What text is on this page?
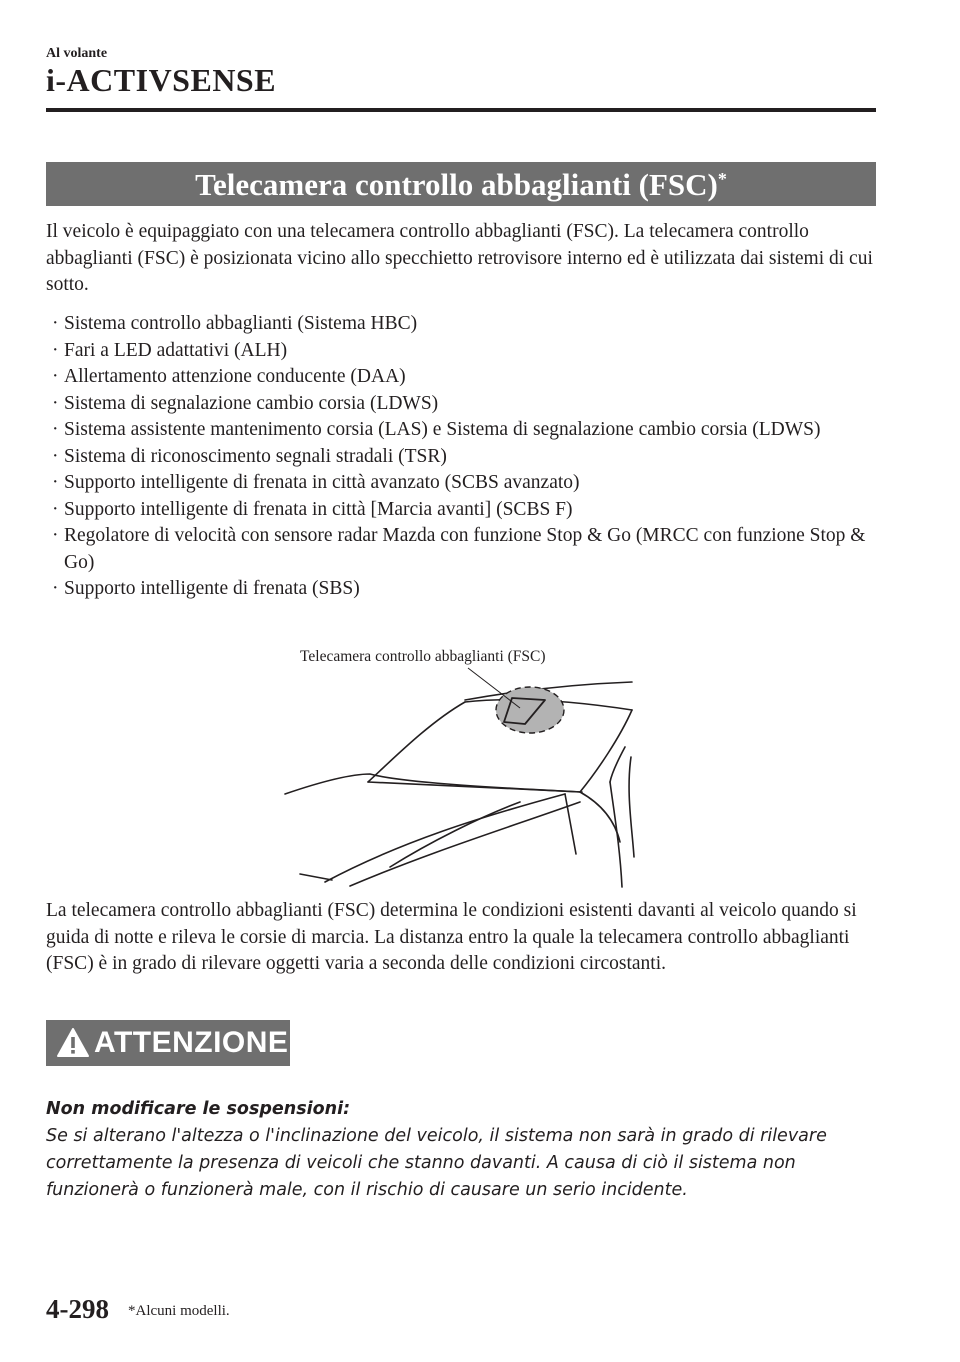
Al volante
i-ACTIVSENSE
Telecamera controllo abbaglianti (FSC)*
Il veicolo è equipaggiato con una telecamera controllo abbaglianti (FSC). La telecamera controllo abbaglianti (FSC) è posizionata vicino allo specchietto retrovisore interno ed è utilizzata dai sistemi di cui sotto.
· Sistema controllo abbaglianti (Sistema HBC)
· Fari a LED adattativi (ALH)
· Allertamento attenzione conducente (DAA)
· Sistema di segnalazione cambio corsia (LDWS)
· Sistema assistente mantenimento corsia (LAS) e Sistema di segnalazione cambio corsia (LDWS)
· Sistema di riconoscimento segnali stradali (TSR)
· Supporto intelligente di frenata in città avanzato (SCBS avanzato)
· Supporto intelligente di frenata in città [Marcia avanti] (SCBS F)
· Regolatore di velocità con sensore radar Mazda con funzione Stop & Go (MRCC con funzione Stop & Go)
· Supporto intelligente di frenata (SBS)
Telecamera controllo abbaglianti (FSC)
La telecamera controllo abbaglianti (FSC) determina le condizioni esistenti davanti al veicolo quando si guida di notte e rileva le corsie di marcia. La distanza entro la quale la telecamera controllo abbaglianti (FSC) è in grado di rilevare oggetti varia a seconda delle condizioni circostanti.
ATTENZIONE
Non modificare le sospensioni:
Se si alterano l'altezza o l'inclinazione del veicolo, il sistema non sarà in grado di rilevare correttamente la presenza di veicoli che stanno davanti. A causa di ciò il sistema non funzionerà o funzionerà male, con il rischio di causare un serio incidente.
4-298 *Alcuni modelli.
